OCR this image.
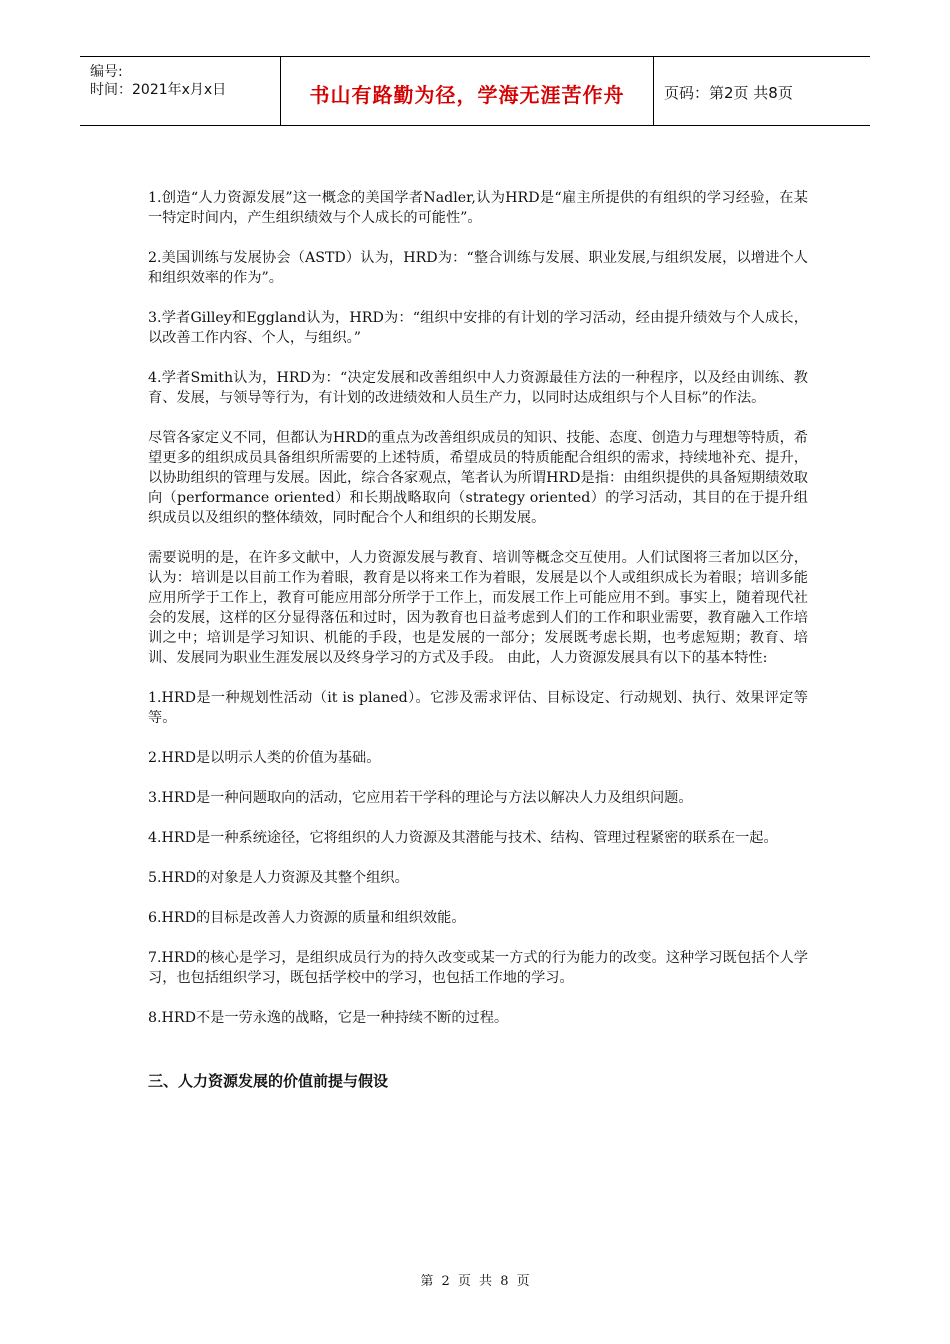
编号:
时间：2021年x月x日	书山有路勤为径，学海无涯苦作舟	页码：第2页 共8页

1.创造“人力资源发展”这一概念的美国学者Nadler,认为HRD是“雇主所提供的有组织的学习经验，在某一特定时间内，产生组织绩效与个人成长的可能性”。

2.美国训练与发展协会（ASTD）认为，HRD为：“整合训练与发展、职业发展,与组织发展，以增进个人和组织效率的作为”。

3.学者Gilley和Eggland认为，HRD为：“组织中安排的有计划的学习活动，经由提升绩效与个人成长，以改善工作内容、个人，与组织。”

4.学者Smith认为，HRD为：“决定发展和改善组织中人力资源最佳方法的一种程序，以及经由训练、教育、发展，与领导等行为，有计划的改进绩效和人员生产力，以同时达成组织与个人目标”的作法。

尽管各家定义不同，但都认为HRD的重点为改善组织成员的知识、技能、态度、创造力与理想等特质，希望更多的组织成员具备组织所需要的上述特质，希望成员的特质能配合组织的需求，持续地补充、提升，以协助组织的管理与发展。因此，综合各家观点，笔者认为所谓HRD是指：由组织提供的具备短期绩效取向（performance oriented）和长期战略取向（strategy oriented）的学习活动，其目的在于提升组织成员以及组织的整体绩效，同时配合个人和组织的长期发展。

需要说明的是，在许多文献中，人力资源发展与教育、培训等概念交互使用。人们试图将三者加以区分，认为：培训是以目前工作为着眼，教育是以将来工作为着眼，发展是以个人或组织成长为着眼；培训多能应用所学于工作上，教育可能应用部分所学于工作上，而发展工作上可能应用不到。事实上，随着现代社会的发展，这样的区分显得落伍和过时，因为教育也日益考虑到人们的工作和职业需要，教育融入工作培训之中；培训是学习知识、机能的手段，也是发展的一部分；发展既考虑长期，也考虑短期；教育、培训、发展同为职业生涯发展以及终身学习的方式及手段。 由此，人力资源发展具有以下的基本特性:

1.HRD是一种规划性活动（it is planed）。它涉及需求评估、目标设定、行动规划、执行、效果评定等等。

2.HRD是以明示人类的价值为基础。

3.HRD是一种问题取向的活动，它应用若干学科的理论与方法以解决人力及组织问题。

4.HRD是一种系统途径，它将组织的人力资源及其潜能与技术、结构、管理过程紧密的联系在一起。

5.HRD的对象是人力资源及其整个组织。

6.HRD的目标是改善人力资源的质量和组织效能。

7.HRD的核心是学习，是组织成员行为的持久改变或某一方式的行为能力的改变。这种学习既包括个人学习，也包括组织学习，既包括学校中的学习，也包括工作地的学习。

8.HRD不是一劳永逸的战略，它是一种持续不断的过程。

三、人力资源发展的价值前提与假设
第 2 页 共 8 页
